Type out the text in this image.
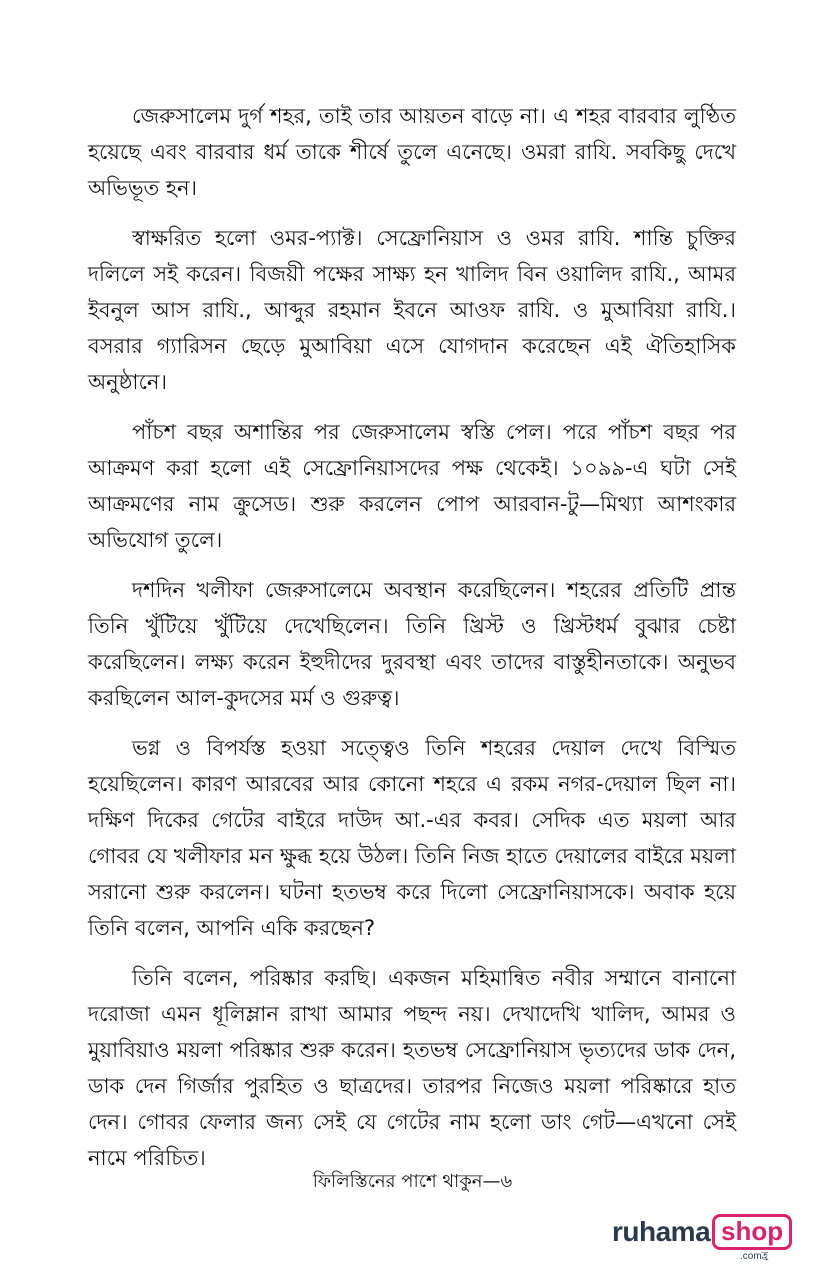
জেরুসালেম দুর্গ শহর, তাই তার আয়তন বাড়ে না। এ শহর বারবার লুণ্ঠিত হয়েছে এবং বারবার ধর্ম তাকে শীর্ষে তুলে এনেছে। ওমরা রাযি. সবকিছু দেখে অভিভূত হন।

স্বাক্ষরিত হলো ওমর-প্যাক্ট। সেফ্রোনিয়াস ও ওমর রাযি. শান্তি চুক্তির দলিলে সই করেন। বিজয়ী পক্ষের সাক্ষ্য হন খালিদ বিন ওয়ালিদ রাযি., আমর ইবনুল আস রাযি., আব্দুর রহমান ইবনে আওফ রাযি. ও মুআবিয়া রাযি.। বসরার গ্যারিসন ছেড়ে মুআবিয়া এসে যোগদান করেছেন এই ঐতিহাসিক অনুষ্ঠানে।

পাঁচশ বছর অশান্তির পর জেরুসালেম স্বস্তি পেল। পরে পাঁচশ বছর পর আক্রমণ করা হলো এই সেফ্রোনিয়াসদের পক্ষ থেকেই। ১০৯৯-এ ঘটা সেই আক্রমণের নাম ক্রুসেড। শুরু করলেন পোপ আরবান-টু—মিথ্যা আশংকার অভিযোগ তুলে।

দশদিন খলীফা জেরুসালেমে অবস্থান করেছিলেন। শহরের প্রতিটি প্রান্ত তিনি খুঁটিয়ে খুঁটিয়ে দেখেছিলেন। তিনি খ্রিস্ট ও খ্রিস্টধর্ম বুঝার চেষ্টা করেছিলেন। লক্ষ্য করেন ইহুদীদের দুরবস্থা এবং তাদের বাস্তুহীনতাকে। অনুভব করছিলেন আল-কুদসের মর্ম ও গুরুত্ব।

ভগ্ন ও বিপর্যস্ত হওয়া সত্ত্বেও তিনি শহরের দেয়াল দেখে বিস্মিত হয়েছিলেন। কারণ আরবের আর কোনো শহরে এ রকম নগর-দেয়াল ছিল না। দক্ষিণ দিকের গেটের বাইরে দাউদ আ.-এর কবর। সেদিক এত ময়লা আর গোবর যে খলীফার মন ক্ষুব্ধ হয়ে উঠল। তিনি নিজ হাতে দেয়ালের বাইরে ময়লা সরানো শুরু করলেন। ঘটনা হতভম্ব করে দিলো সেফ্রোনিয়াসকে। অবাক হয়ে তিনি বলেন, আপনি একি করছেন?

তিনি বলেন, পরিষ্কার করছি। একজন মহিমান্বিত নবীর সম্মানে বানানো দরোজা এমন ধূলিম্লান রাখা আমার পছন্দ নয়। দেখাদেখি খালিদ, আমর ও মুয়াবিয়াও ময়লা পরিষ্কার শুরু করেন। হতভম্ব সেফ্রোনিয়াস ভৃত্যদের ডাক দেন, ডাক দেন গির্জার পুরহিত ও ছাত্রদের। তারপর নিজেও ময়লা পরিষ্কারে হাত দেন। গোবর ফেলার জন্য সেই যে গেটের নাম হলো ডাং গেট—এখনো সেই নামে পরিচিত।

ফিলিস্তিনের পাশে থাকুন—৬
ruhama shop
.comহ্র
